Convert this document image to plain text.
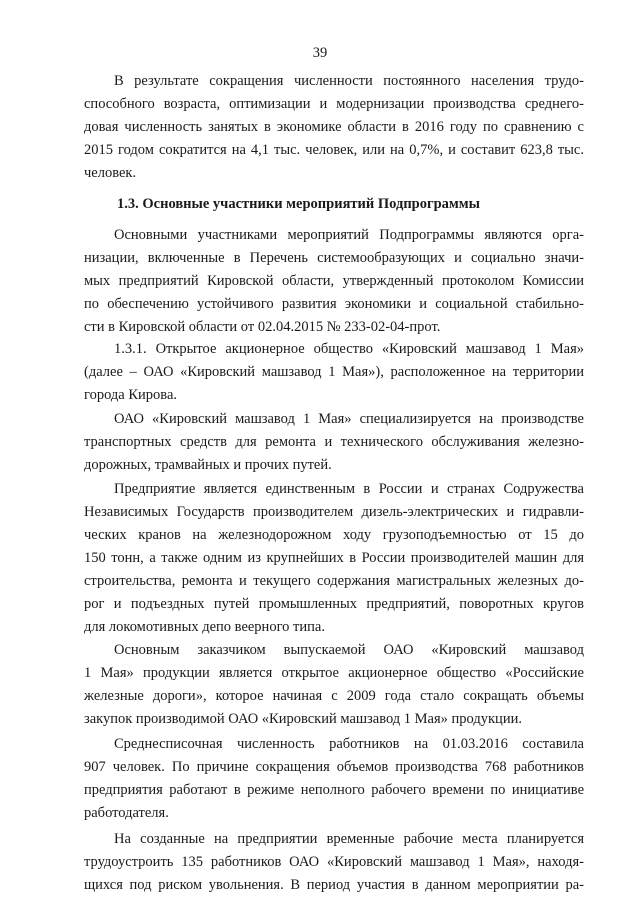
39
В результате сокращения численности постоянного населения трудо-
способного возраста, оптимизации и модернизации производства среднего-
довая численность занятых в экономике области в 2016 году по сравнению с
2015 годом сократится на 4,1 тыс. человек, или на 0,7%, и составит 623,8 тыс.
человек.
1.3. Основные участники мероприятий Подпрограммы
Основными участниками мероприятий Подпрограммы являются орга-
низации, включенные в Перечень системообразующих и социально значи-
мых предприятий Кировской области, утвержденный протоколом Комиссии
по обеспечению устойчивого развития экономики и социальной стабильно-
сти в Кировской области от 02.04.2015 № 233-02-04-прот.
1.3.1. Открытое акционерное общество «Кировский машзавод 1 Мая»
(далее – ОАО «Кировский машзавод 1 Мая»), расположенное на территории
города Кирова.
ОАО «Кировский машзавод 1 Мая» специализируется на производстве
транспортных средств для ремонта и технического обслуживания железно-
дорожных, трамвайных и прочих путей.
Предприятие является единственным в России и странах Содружества
Независимых Государств производителем дизель-электрических и гидравли-
ческих кранов на железнодорожном ходу грузоподъемностью от 15 до
150 тонн, а также одним из крупнейших в России производителей машин для
строительства, ремонта и текущего содержания магистральных железных до-
рог и подъездных путей промышленных предприятий, поворотных кругов
для локомотивных депо веерного типа.
Основным заказчиком выпускаемой ОАО «Кировский машзавод
1 Мая» продукции является открытое акционерное общество «Российские
железные дороги», которое начиная с 2009 года стало сокращать объемы
закупок производимой ОАО «Кировский машзавод 1 Мая» продукции.
Среднесписочная численность работников на 01.03.2016 составила
907 человек. По причине сокращения объемов производства 768 работников
предприятия работают в режиме неполного рабочего времени по инициативе
работодателя.
На созданные на предприятии временные рабочие места планируется
трудоустроить 135 работников ОАО «Кировский машзавод 1 Мая», находя-
щихся под риском увольнения. В период участия в данном мероприятии ра-
